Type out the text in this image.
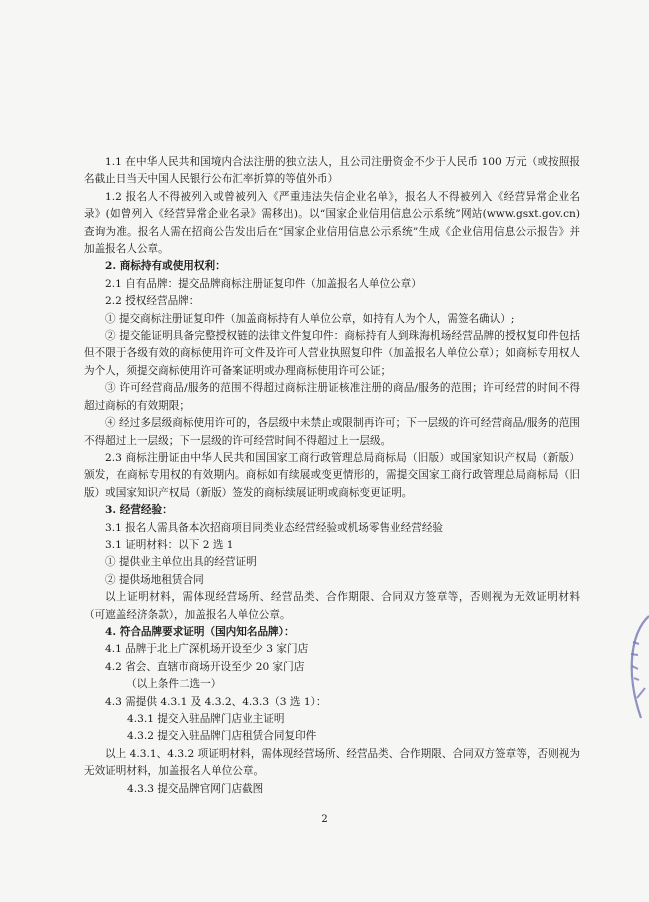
1.1 在中华人民共和国境内合法注册的独立法人，且公司注册资金不少于人民币 100 万元（或按照报名截止日当天中国人民银行公布汇率折算的等值外币）

1.2 报名人不得被列入或曾被列入《严重违法失信企业名单》，报名人不得被列入《经营异常企业名录》(如曾列入《经营异常企业名录》需移出)。以“国家企业信用信息公示系统”网站(www.gsxt.gov.cn) 查询为准。报名人需在招商公告发出后在“国家企业信用信息公示系统”生成《企业信用信息公示报告》并加盖报名人公章。

2. 商标持有或使用权利：

2.1 自有品牌：提交品牌商标注册证复印件（加盖报名人单位公章）

2.2 授权经营品牌：

① 提交商标注册证复印件（加盖商标持有人单位公章，如持有人为个人，需签名确认）;

② 提交能证明具备完整授权链的法律文件复印件：商标持有人到珠海机场经营品牌的授权复印件包括但不限于各级有效的商标使用许可文件及许可人营业执照复印件（加盖报名人单位公章）；如商标专用权人为个人，须提交商标使用许可备案证明或办理商标使用许可公证；

③ 许可经营商品/服务的范围不得超过商标注册证核准注册的商品/服务的范围；许可经营的时间不得超过商标的有效期限；

④ 经过多层级商标使用许可的，各层级中未禁止或限制再许可；下一层级的许可经营商品/服务的范围不得超过上一层级；下一层级的许可经营时间不得超过上一层级。

2.3 商标注册证由中华人民共和国国家工商行政管理总局商标局（旧版）或国家知识产权局（新版）颁发，在商标专用权的有效期内。商标如有续展或变更情形的，需提交国家工商行政管理总局商标局（旧版）或国家知识产权局（新版）签发的商标续展证明或商标变更证明。

3. 经营经验：

3.1 报名人需具备本次招商项目同类业态经营经验或机场零售业经营经验

3.1 证明材料：以下 2 选 1

① 提供业主单位出具的经营证明

② 提供场地租赁合同

以上证明材料，需体现经营场所、经营品类、合作期限、合同双方签章等，否则视为无效证明材料（可遮盖经济条款），加盖报名人单位公章。

4. 符合品牌要求证明（国内知名品牌）：

4.1 品牌于北上广深机场开设至少 3 家门店

4.2 省会、直辖市商场开设至少 20 家门店

（以上条件二选一）

4.3 需提供 4.3.1 及 4.3.2、4.3.3（3 选 1）：

4.3.1 提交入驻品牌门店业主证明

4.3.2 提交入驻品牌门店租赁合同复印件

以上 4.3.1、4.3.2 项证明材料，需体现经营场所、经营品类、合作期限、合同双方签章等，否则视为无效证明材料，加盖报名人单位公章。

4.3.3 提交品牌官网门店截图

2
